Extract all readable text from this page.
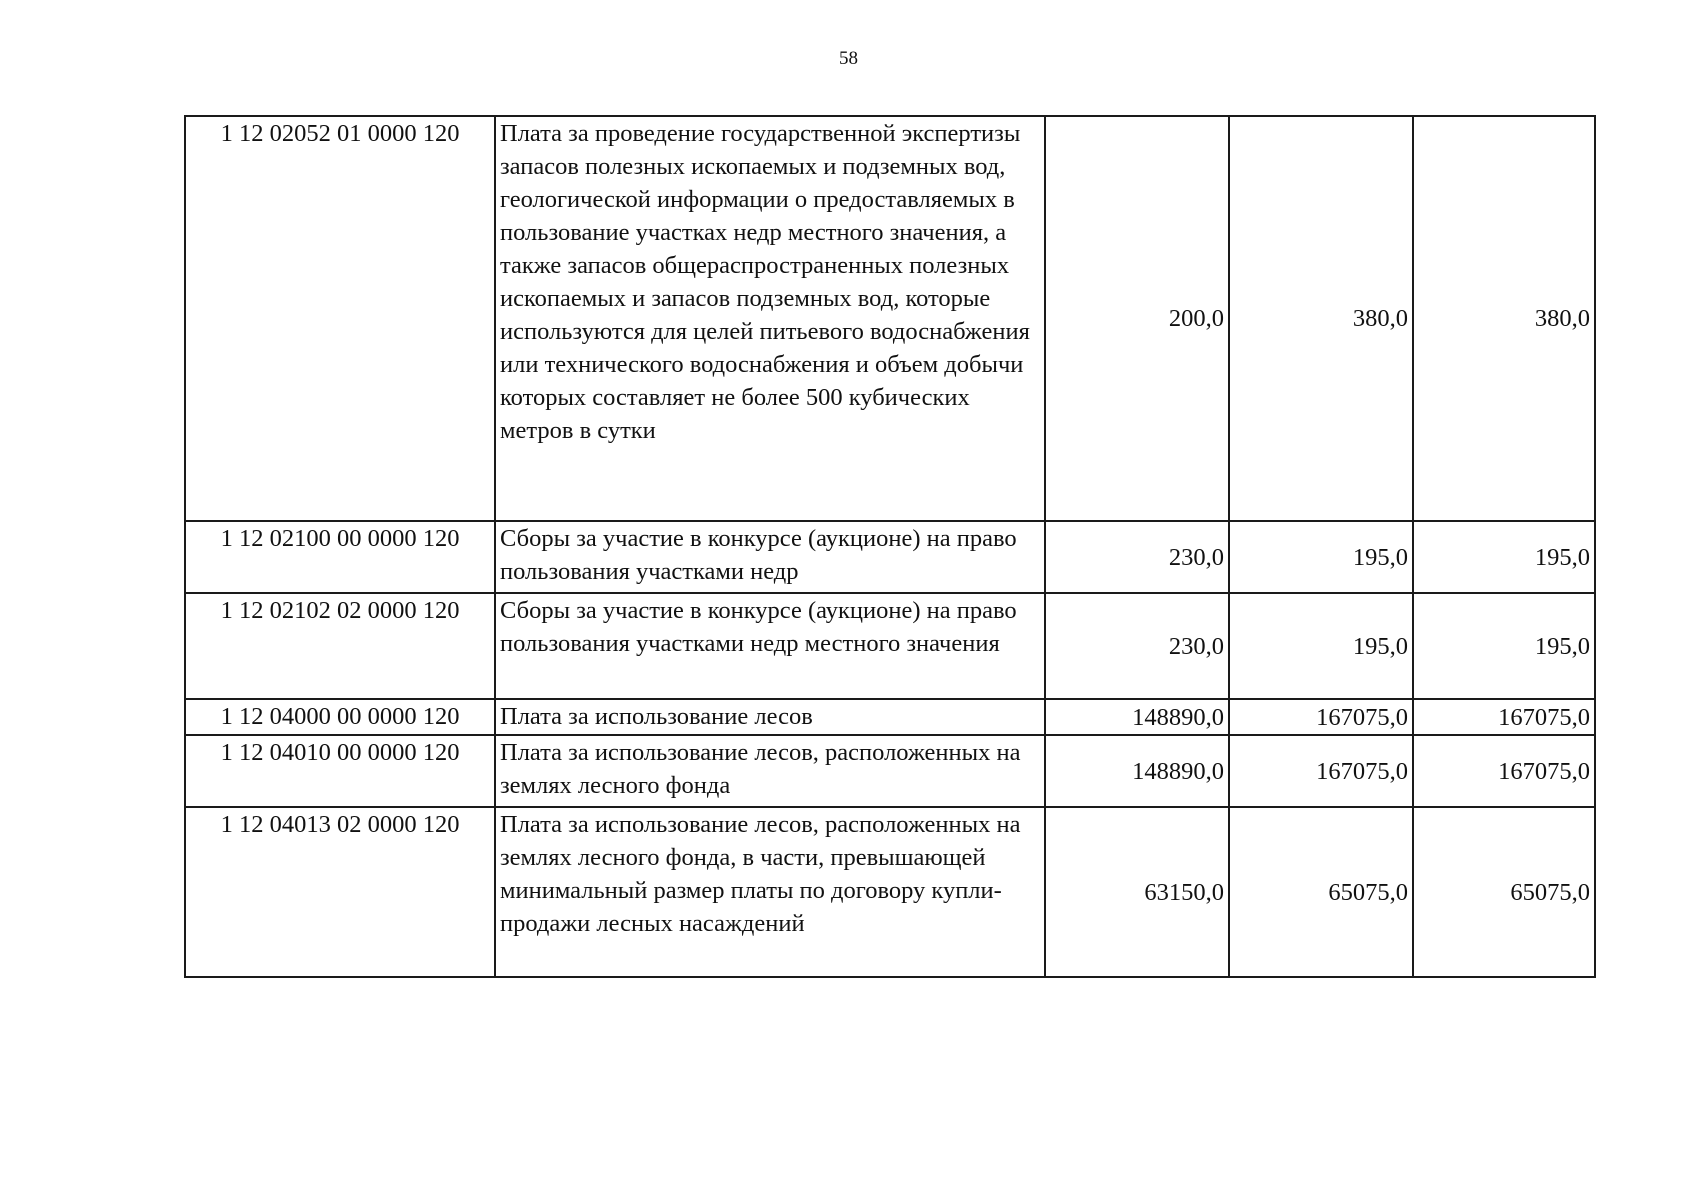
58
1 12 02052 01 0000 120	Плата за проведение государственной экспертизы запасов полезных ископаемых и подземных вод, геологической информации о предоставляемых в пользование участках недр местного значения, а также запасов общераспространенных полезных ископаемых и запасов подземных вод, которые используются для целей питьевого водоснабжения или технического водоснабжения и объем добычи которых составляет не более 500 кубических метров в сутки	200,0	380,0	380,0
1 12 02100 00 0000 120	Сборы за участие в конкурсе (аукционе) на право пользования участками недр	230,0	195,0	195,0
1 12 02102 02 0000 120	Сборы за участие в конкурсе (аукционе) на право пользования участками недр местного значения	230,0	195,0	195,0
1 12 04000 00 0000 120	Плата за использование лесов	148890,0	167075,0	167075,0
1 12 04010 00 0000 120	Плата за использование лесов, расположенных на землях лесного фонда	148890,0	167075,0	167075,0
1 12 04013 02 0000 120	Плата за использование лесов, расположенных на землях лесного фонда, в части, превышающей минимальный размер платы по договору купли-продажи лесных насаждений	63150,0	65075,0	65075,0
